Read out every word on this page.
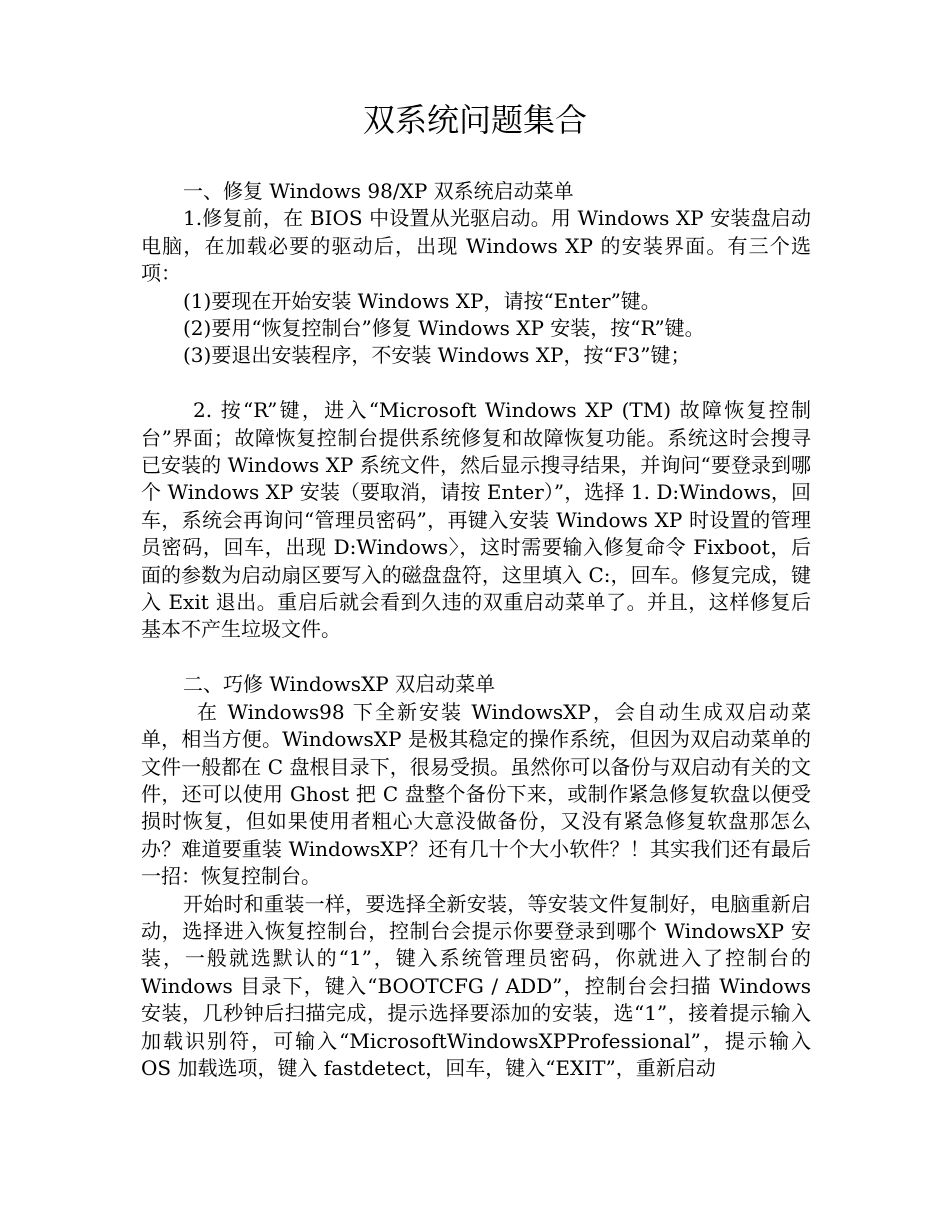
双系统问题集合

一、修复 Windows 98/XP 双系统启动菜单

1.修复前，在 BIOS 中设置从光驱启动。用 Windows XP 安装盘启动电脑，在加载必要的驱动后，出现 Windows XP 的安装界面。有三个选项：

(1)要现在开始安装 Windows XP，请按“Enter”键。

(2)要用“恢复控制台”修复 Windows XP 安装，按“R”键。

(3)要退出安装程序，不安装 Windows XP，按“F3”键；

2. 按“R”键，进入“Microsoft Windows XP (TM) 故障恢复控制台”界面；故障恢复控制台提供系统修复和故障恢复功能。系统这时会搜寻已安装的 Windows XP 系统文件，然后显示搜寻结果，并询问“要登录到哪个 Windows XP 安装（要取消，请按 Enter）”，选择 1. D:Windows，回车，系统会再询问“管理员密码”，再键入安装 Windows XP 时设置的管理员密码，回车，出现 D:Windows〉，这时需要输入修复命令 Fixboot，后面的参数为启动扇区要写入的磁盘盘符，这里填入 C:，回车。修复完成，键入 Exit 退出。重启后就会看到久违的双重启动菜单了。并且，这样修复后基本不产生垃圾文件。

二、巧修 WindowsXP 双启动菜单

在 Windows98 下全新安装 WindowsXP，会自动生成双启动菜单，相当方便。WindowsXP 是极其稳定的操作系统，但因为双启动菜单的文件一般都在 C 盘根目录下，很易受损。虽然你可以备份与双启动有关的文件，还可以使用 Ghost 把 C 盘整个备份下来，或制作紧急修复软盘以便受损时恢复，但如果使用者粗心大意没做备份，又没有紧急修复软盘那怎么办？难道要重装 WindowsXP？还有几十个大小软件？！其实我们还有最后一招：恢复控制台。

开始时和重装一样，要选择全新安装，等安装文件复制好，电脑重新启动，选择进入恢复控制台，控制台会提示你要登录到哪个 WindowsXP 安装，一般就选默认的“1”，键入系统管理员密码，你就进入了控制台的 Windows 目录下，键入“BOOTCFG / ADD”，控制台会扫描 Windows 安装，几秒钟后扫描完成，提示选择要添加的安装，选“1”，接着提示输入加载识别符，可输入“MicrosoftWindowsXPProfessional”，提示输入 OS 加载选项，键入 fastdetect，回车，键入“EXIT”，重新启动
